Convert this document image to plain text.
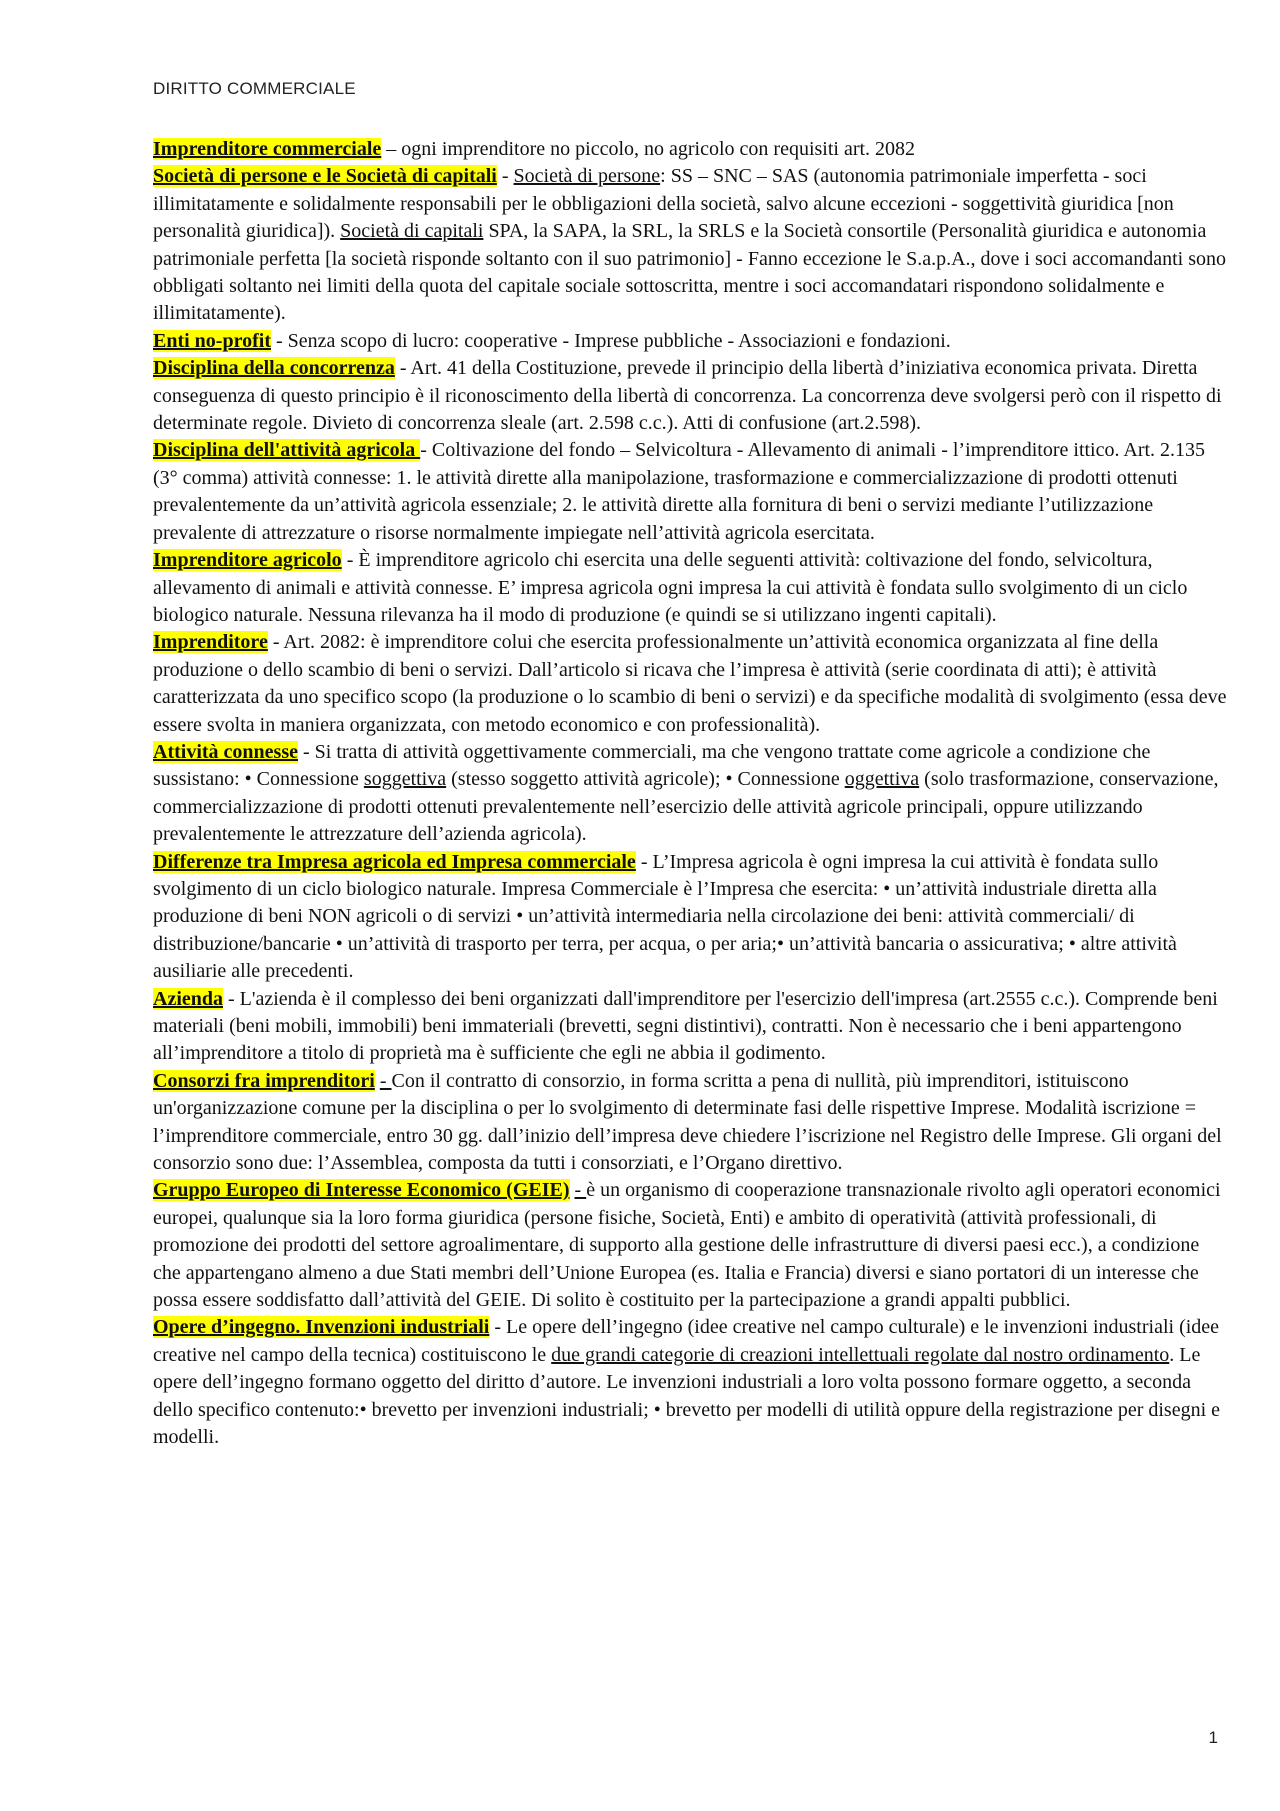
DIRITTO COMMERCIALE

Imprenditore commerciale – ogni imprenditore no piccolo, no agricolo con requisiti art. 2082

Società di persone e le Società di capitali - Società di persone: SS – SNC – SAS (autonomia patrimoniale imperfetta - soci illimitatamente e solidalmente responsabili per le obbligazioni della società, salvo alcune eccezioni - soggettività giuridica [non personalità giuridica]). Società di capitali SPA, la SAPA, la SRL, la SRLS e la Società consortile (Personalità giuridica e autonomia patrimoniale perfetta [la società risponde soltanto con il suo patrimonio] - Fanno eccezione le S.a.p.A., dove i soci accomandanti sono obbligati soltanto nei limiti della quota del capitale sociale sottoscritta, mentre i soci accomandatari rispondono solidalmente e illimitatamente).

Enti no-profit - Senza scopo di lucro: cooperative - Imprese pubbliche - Associazioni e fondazioni.

Disciplina della concorrenza - Art. 41 della Costituzione, prevede il principio della libertà d’iniziativa economica privata. Diretta conseguenza di questo principio è il riconoscimento della libertà di concorrenza. La concorrenza deve svolgersi però con il rispetto di determinate regole. Divieto di concorrenza sleale (art. 2.598 c.c.). Atti di confusione (art.2.598).

Disciplina dell'attività agricola - Coltivazione del fondo – Selvicoltura - Allevamento di animali - l’imprenditore ittico. Art. 2.135 (3° comma) attività connesse: 1. le attività dirette alla manipolazione, trasformazione e commercializzazione di prodotti ottenuti prevalentemente da un’attività agricola essenziale; 2. le attività dirette alla fornitura di beni o servizi mediante l’utilizzazione prevalente di attrezzature o risorse normalmente impiegate nell’attività agricola esercitata.

Imprenditore agricolo - È imprenditore agricolo chi esercita una delle seguenti attività: coltivazione del fondo, selvicoltura, allevamento di animali e attività connesse. E’ impresa agricola ogni impresa la cui attività è fondata sullo svolgimento di un ciclo biologico naturale. Nessuna rilevanza ha il modo di produzione (e quindi se si utilizzano ingenti capitali).

Imprenditore - Art. 2082: è imprenditore colui che esercita professionalmente un’attività economica organizzata al fine della produzione o dello scambio di beni o servizi. Dall’articolo si ricava che l’impresa è attività (serie coordinata di atti); è attività caratterizzata da uno specifico scopo (la produzione o lo scambio di beni o servizi) e da specifiche modalità di svolgimento (essa deve essere svolta in maniera organizzata, con metodo economico e con professionalità).

Attività connesse - Si tratta di attività oggettivamente commerciali, ma che vengono trattate come agricole a condizione che sussistano: • Connessione soggettiva (stesso soggetto attività agricole); • Connessione oggettiva (solo trasformazione, conservazione, commercializzazione di prodotti ottenuti prevalentemente nell’esercizio delle attività agricole principali, oppure utilizzando prevalentemente le attrezzature dell’azienda agricola).

Differenze tra Impresa agricola ed Impresa commerciale - L’Impresa agricola è ogni impresa la cui attività è fondata sullo svolgimento di un ciclo biologico naturale. Impresa Commerciale è l’Impresa che esercita: • un’attività industriale diretta alla produzione di beni NON agricoli o di servizi • un’attività intermediaria nella circolazione dei beni: attività commerciali/ di distribuzione/bancarie • un’attività di trasporto per terra, per acqua, o per aria;• un’attività bancaria o assicurativa; • altre attività ausiliarie alle precedenti.

Azienda - L'azienda è il complesso dei beni organizzati dall'imprenditore per l'esercizio dell'impresa (art.2555 c.c.). Comprende beni materiali (beni mobili, immobili) beni immateriali (brevetti, segni distintivi), contratti. Non è necessario che i beni appartengono all’imprenditore a titolo di proprietà ma è sufficiente che egli ne abbia il godimento.

Consorzi fra imprenditori - Con il contratto di consorzio, in forma scritta a pena di nullità, più imprenditori, istituiscono un'organizzazione comune per la disciplina o per lo svolgimento di determinate fasi delle rispettive Imprese. Modalità iscrizione = l’imprenditore commerciale, entro 30 gg. dall’inizio dell’impresa deve chiedere l’iscrizione nel Registro delle Imprese. Gli organi del consorzio sono due: l’Assemblea, composta da tutti i consorziati, e l’Organo direttivo.

Gruppo Europeo di Interesse Economico (GEIE) - è un organismo di cooperazione transnazionale rivolto agli operatori economici europei, qualunque sia la loro forma giuridica (persone fisiche, Società, Enti) e ambito di operatività (attività professionali, di promozione dei prodotti del settore agroalimentare, di supporto alla gestione delle infrastrutture di diversi paesi ecc.), a condizione che appartengano almeno a due Stati membri dell’Unione Europea (es. Italia e Francia) diversi e siano portatori di un interesse che possa essere soddisfatto dall’attività del GEIE. Di solito è costituito per la partecipazione a grandi appalti pubblici.

Opere d’ingegno. Invenzioni industriali - Le opere dell’ingegno (idee creative nel campo culturale) e le invenzioni industriali (idee creative nel campo della tecnica) costituiscono le due grandi categorie di creazioni intellettuali regolate dal nostro ordinamento. Le opere dell’ingegno formano oggetto del diritto d’autore. Le invenzioni industriali a loro volta possono formare oggetto, a seconda dello specifico contenuto:• brevetto per invenzioni industriali; • brevetto per modelli di utilità oppure della registrazione per disegni e modelli.

1
